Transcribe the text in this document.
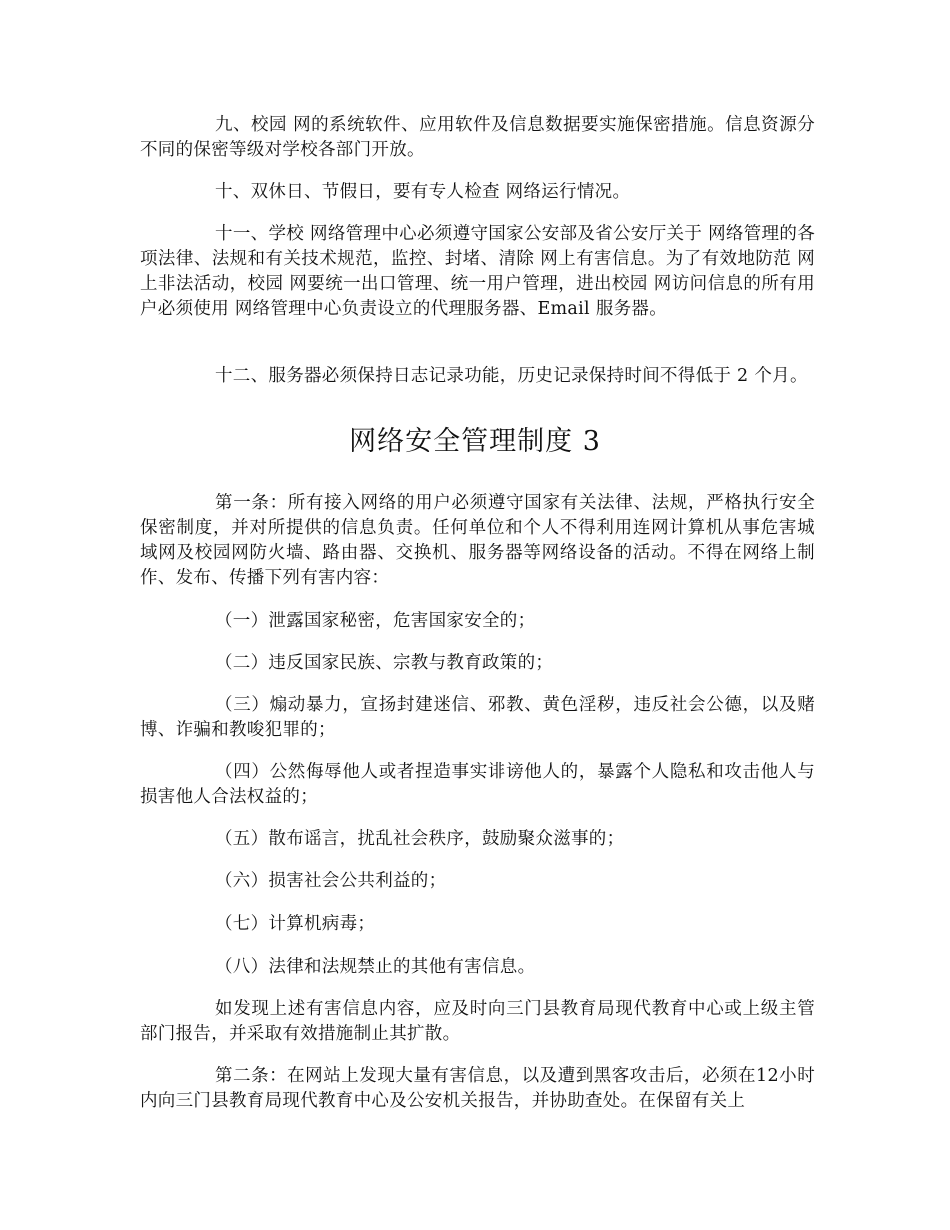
九、校园 网的系统软件、应用软件及信息数据要实施保密措施。信息资源分不同的保密等级对学校各部门开放。

十、双休日、节假日，要有专人检查 网络运行情况。

十一、学校 网络管理中心必须遵守国家公安部及省公安厅关于 网络管理的各项法律、法规和有关技术规范，监控、封堵、清除 网上有害信息。为了有效地防范 网上非法活动，校园 网要统一出口管理、统一用户管理，进出校园 网访问信息的所有用户必须使用 网络管理中心负责设立的代理服务器、Email 服务器。

十二、服务器必须保持日志记录功能，历史记录保持时间不得低于 2 个月。

网络安全管理制度 3

第一条：所有接入网络的用户必须遵守国家有关法律、法规，严格执行安全保密制度，并对所提供的信息负责。任何单位和个人不得利用连网计算机从事危害城域网及校园网防火墙、路由器、交换机、服务器等网络设备的活动。不得在网络上制作、发布、传播下列有害内容：

（一）泄露国家秘密，危害国家安全的；

（二）违反国家民族、宗教与教育政策的；

（三）煽动暴力，宣扬封建迷信、邪教、黄色淫秽，违反社会公德，以及赌博、诈骗和教唆犯罪的；

（四）公然侮辱他人或者捏造事实诽谤他人的，暴露个人隐私和攻击他人与损害他人合法权益的；

（五）散布谣言，扰乱社会秩序，鼓励聚众滋事的；

（六）损害社会公共利益的；

（七）计算机病毒；

（八）法律和法规禁止的其他有害信息。

如发现上述有害信息内容，应及时向三门县教育局现代教育中心或上级主管部门报告，并采取有效措施制止其扩散。

第二条：在网站上发现大量有害信息，以及遭到黑客攻击后，必须在12小时内向三门县教育局现代教育中心及公安机关报告，并协助查处。在保留有关上
